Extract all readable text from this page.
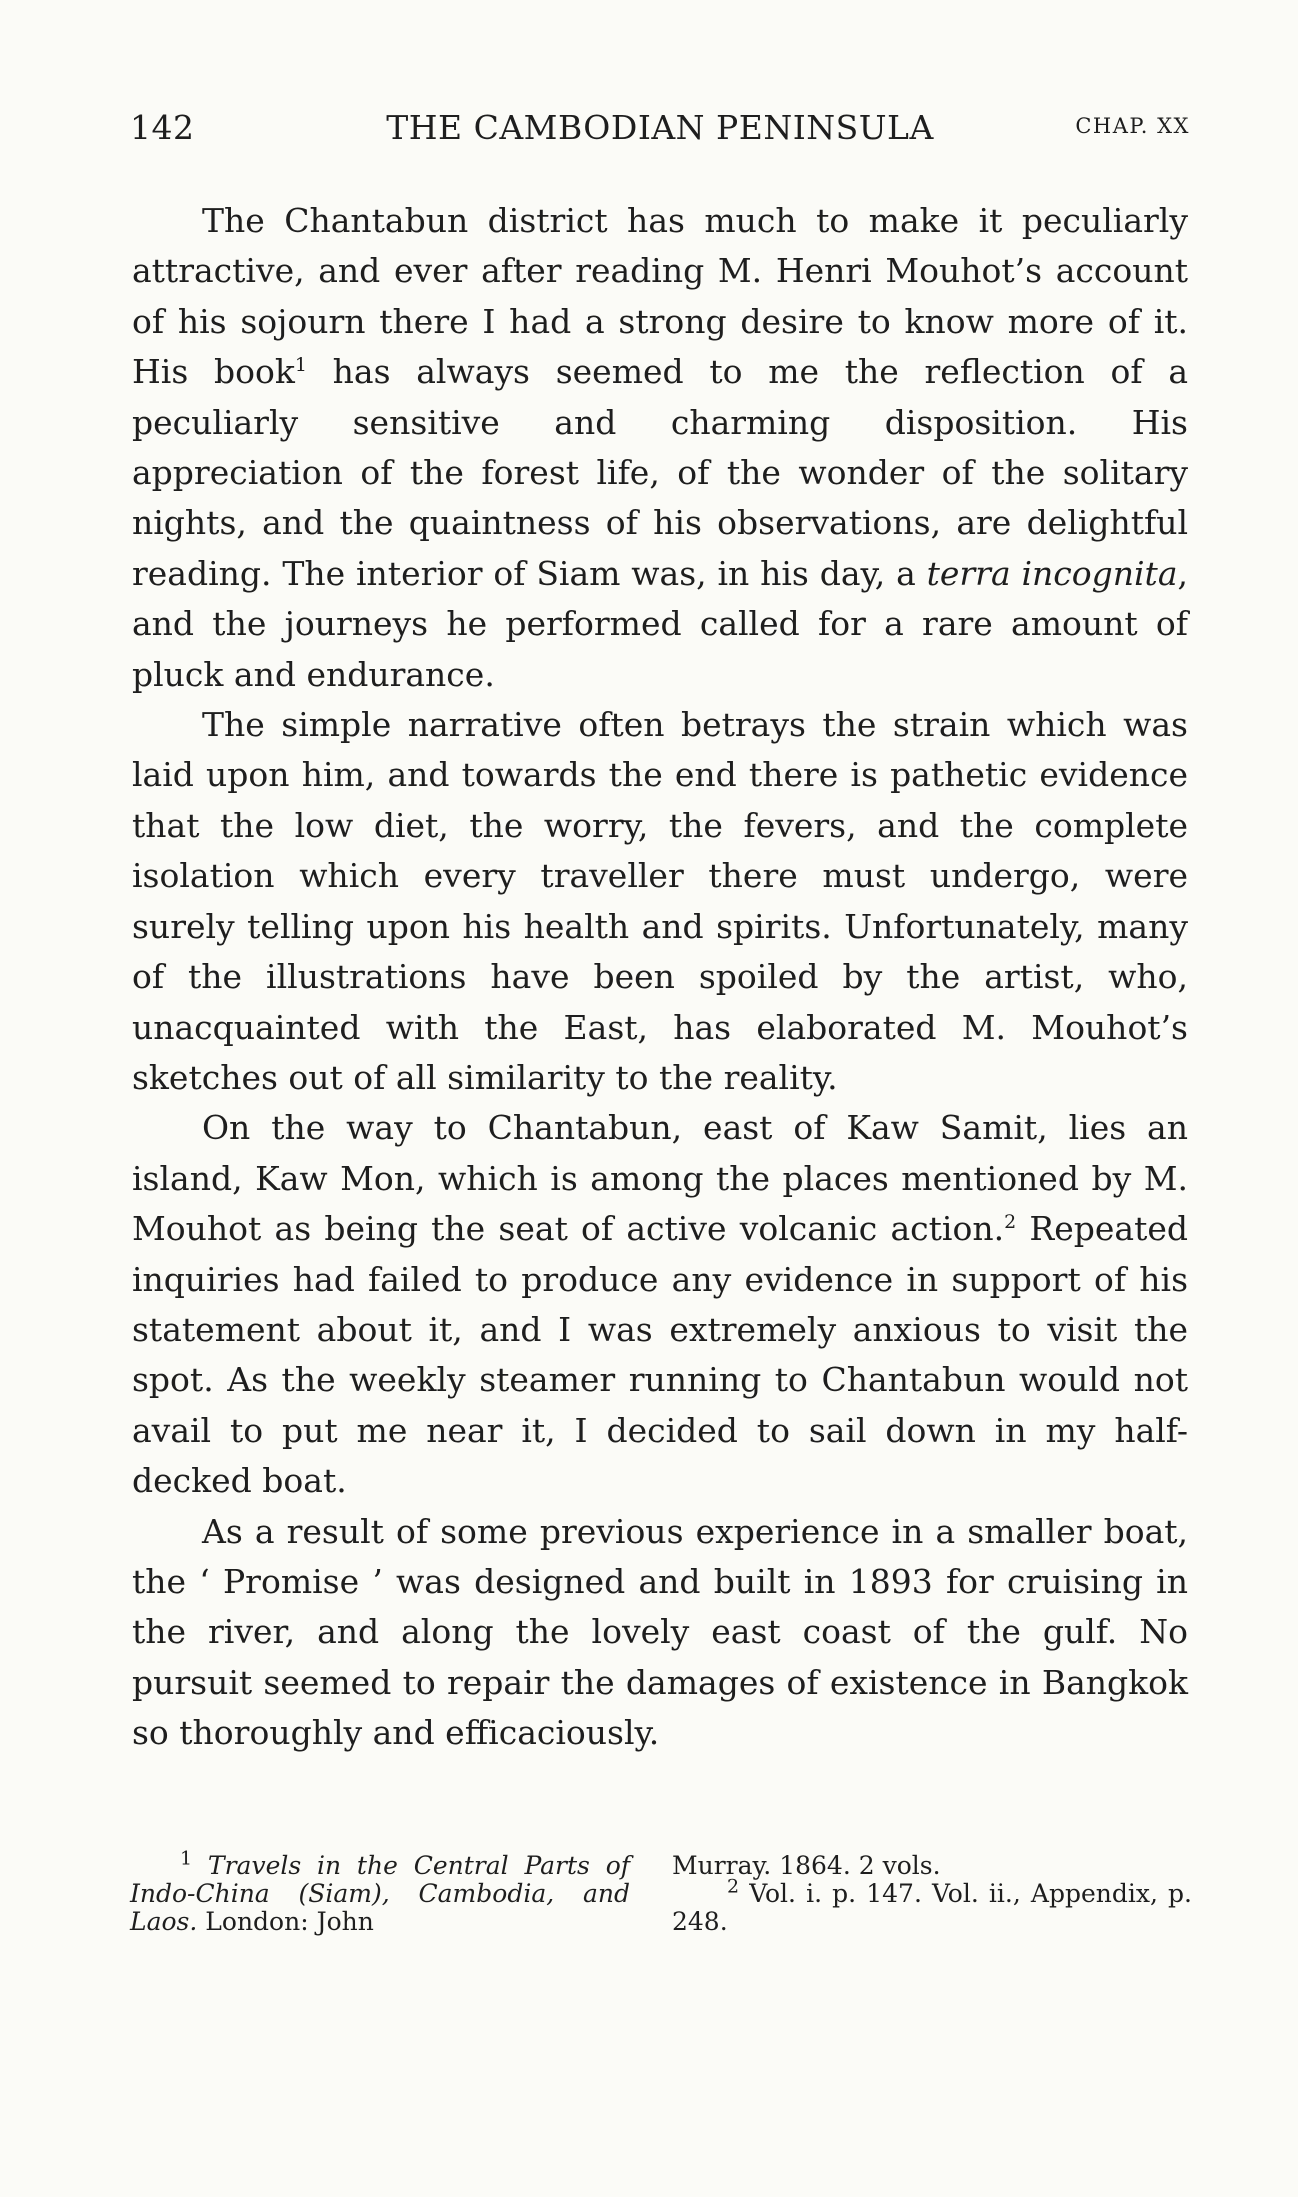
142	THE CAMBODIAN PENINSULA	CHAP. XX

The Chantabun district has much to make it peculiarly attractive, and ever after reading M. Henri Mouhot’s account of his sojourn there I had a strong desire to know more of it. His book$^1$ has always seemed to me the reflection of a peculiarly sensitive and charming disposition. His appreciation of the forest life, of the wonder of the solitary nights, and the quaintness of his observations, are delightful reading. The interior of Siam was, in his day, a terra incognita, and the journeys he performed called for a rare amount of pluck and endurance.

The simple narrative often betrays the strain which was laid upon him, and towards the end there is pathetic evidence that the low diet, the worry, the fevers, and the complete isolation which every traveller there must undergo, were surely telling upon his health and spirits. Unfortunately, many of the illustrations have been spoiled by the artist, who, unacquainted with the East, has elaborated M. Mouhot’s sketches out of all similarity to the reality.

On the way to Chantabun, east of Kaw Samit, lies an island, Kaw Mon, which is among the places mentioned by M. Mouhot as being the seat of active volcanic action.$^2$ Repeated inquiries had failed to produce any evidence in support of his statement about it, and I was extremely anxious to visit the spot. As the weekly steamer running to Chantabun would not avail to put me near it, I decided to sail down in my half-decked boat.

As a result of some previous experience in a smaller boat, the ‘ Promise ’ was designed and built in 1893 for cruising in the river, and along the lovely east coast of the gulf. No pursuit seemed to repair the damages of existence in Bangkok so thoroughly and efficaciously.

$^1$ Travels in the Central Parts of Indo-China (Siam), Cambodia, and Laos. London: John
Murray. 1864. 2 vols.
$^2$ Vol. i. p. 147. Vol. ii., Appendix, p. 248.
